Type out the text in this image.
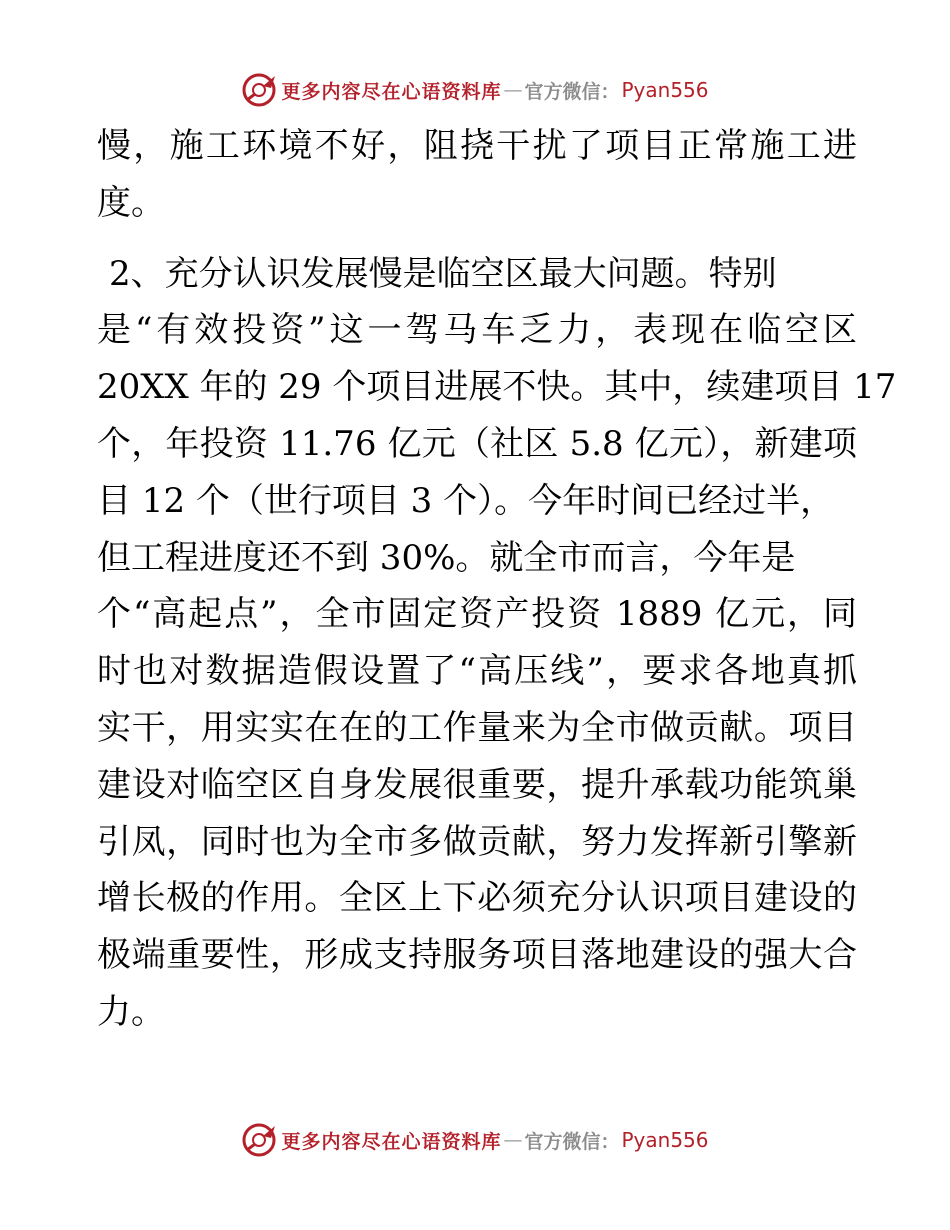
更多内容尽在心语资料库 — 官方微信： Pyan556
慢，施工环境不好，阻挠干扰了项目正常施工进
度。
2、充分认识发展慢是临空区最大问题。特别
是“有效投资”这一驾马车乏力，表现在临空区
20XX 年的 29 个项目进展不快。其中，续建项目 17
个，年投资 11.76 亿元（社区 5.8 亿元），新建项
目 12 个（世行项目 3 个）。今年时间已经过半，
但工程进度还不到 30%。就全市而言，今年是
个“高起点”，全市固定资产投资 1889 亿元，同
时也对数据造假设置了“高压线”，要求各地真抓
实干，用实实在在的工作量来为全市做贡献。项目
建设对临空区自身发展很重要，提升承载功能筑巢
引凤，同时也为全市多做贡献，努力发挥新引擎新
增长极的作用。全区上下必须充分认识项目建设的
极端重要性，形成支持服务项目落地建设的强大合
力。
更多内容尽在心语资料库 — 官方微信： Pyan556
